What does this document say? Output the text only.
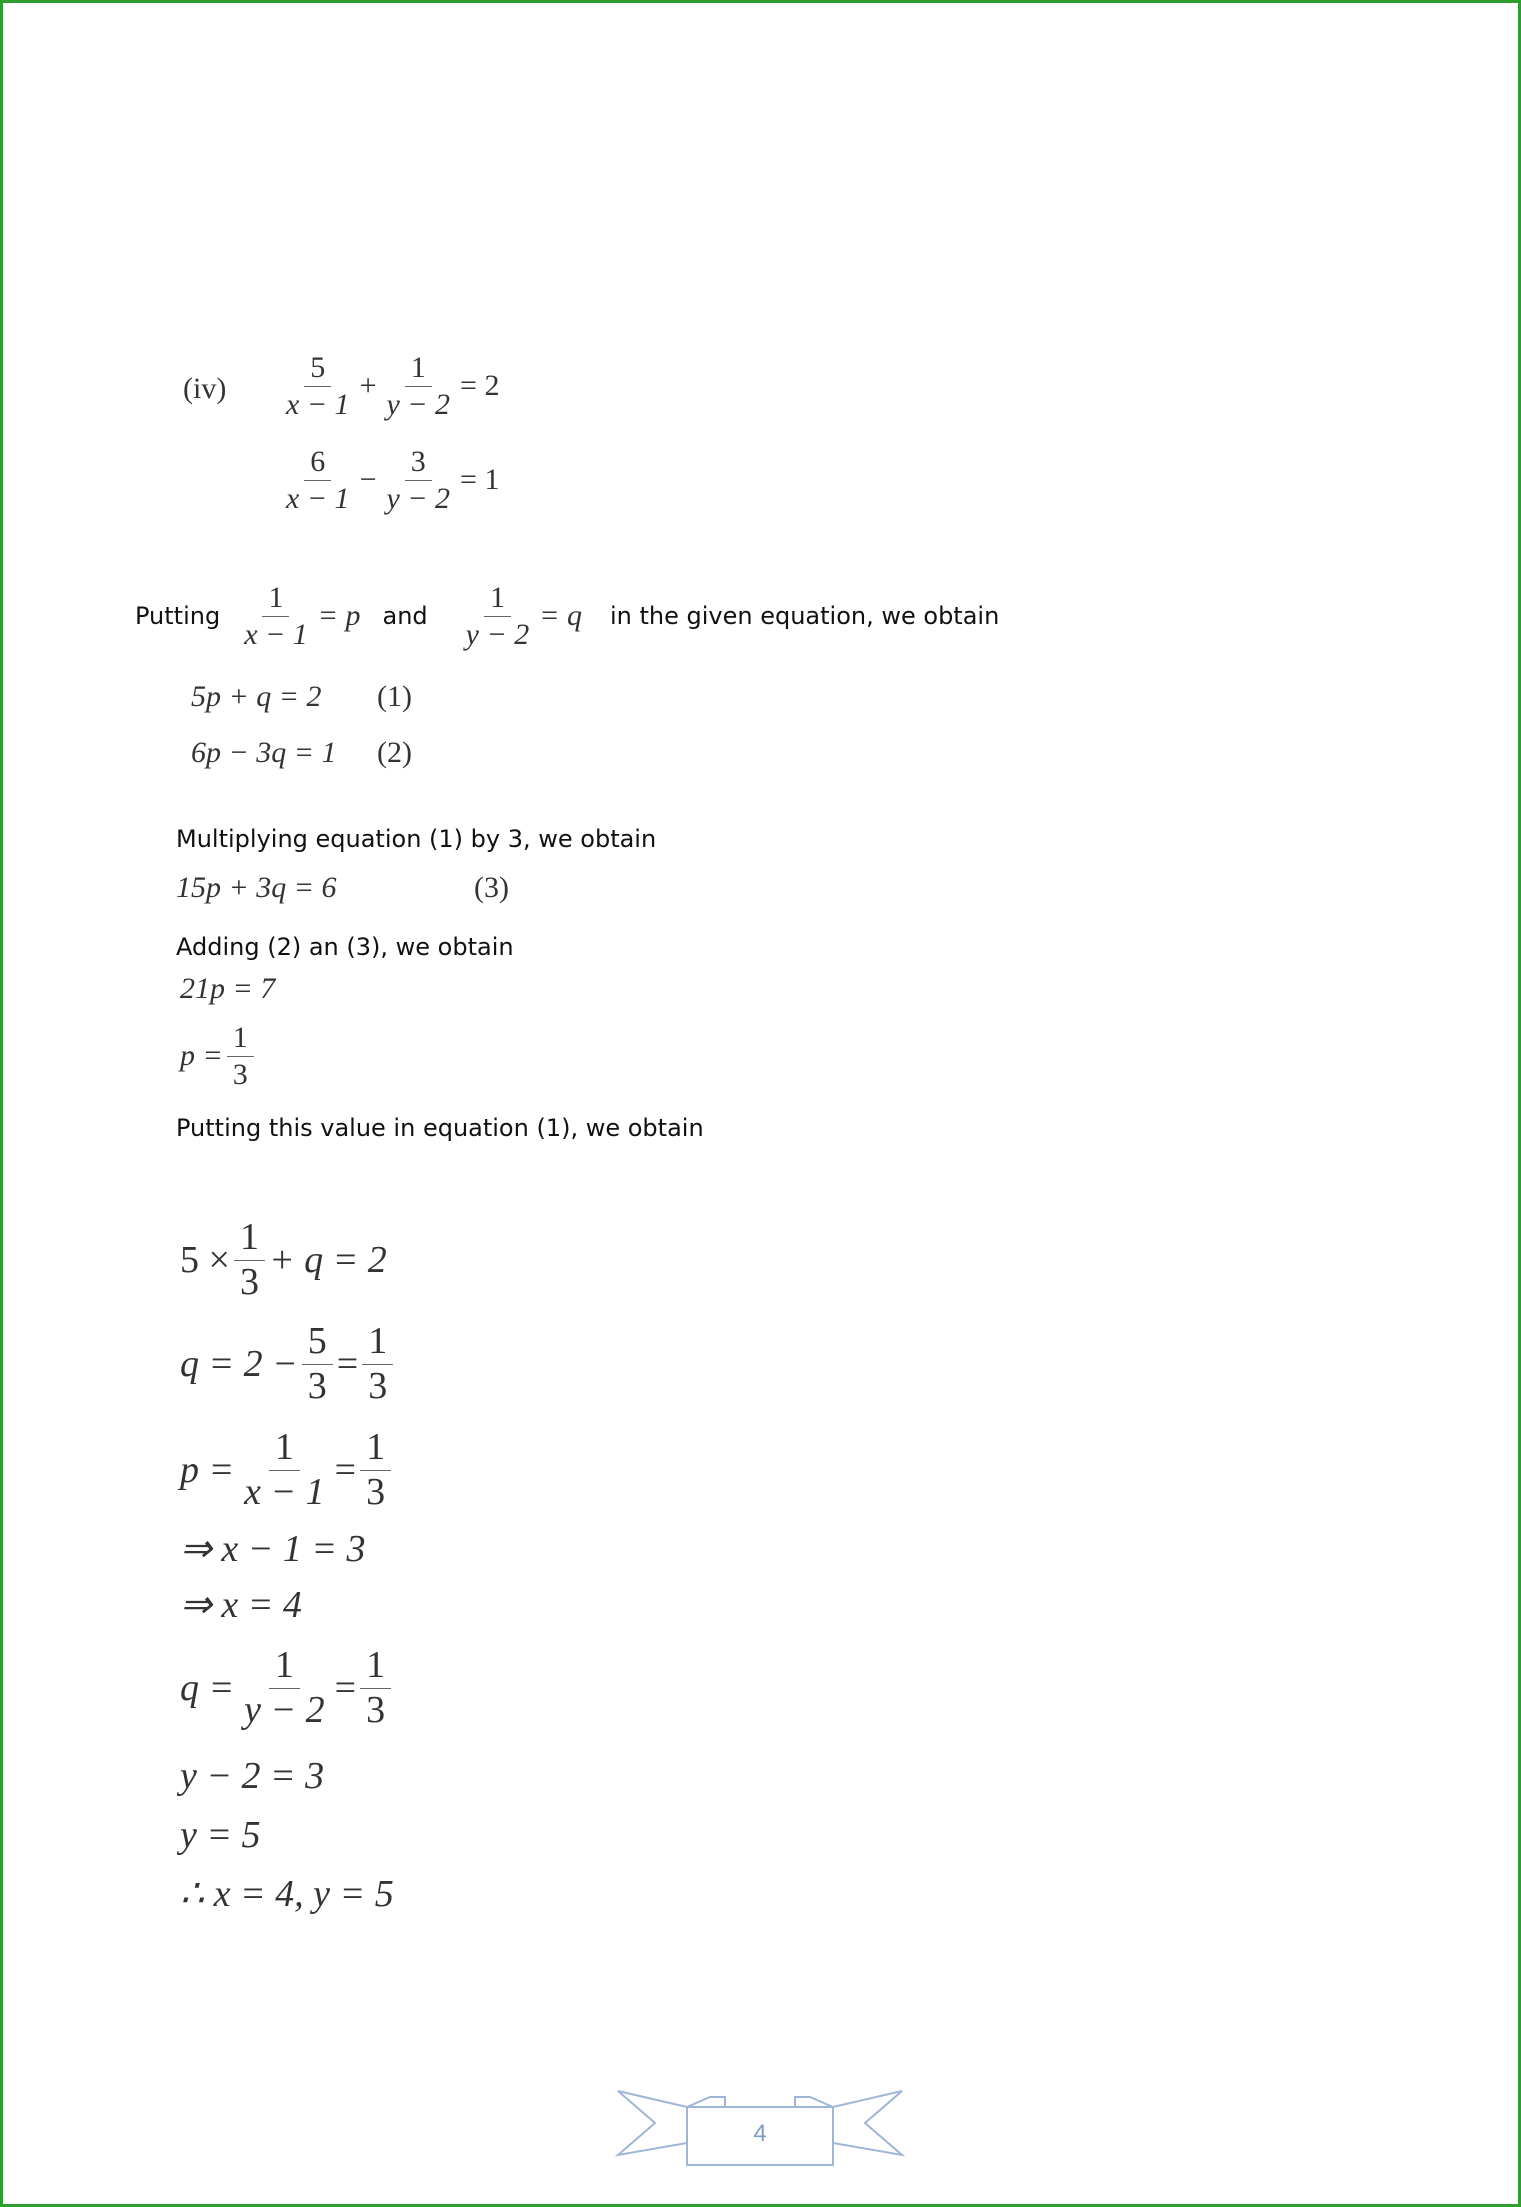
$(iv) \frac{5}{x - 1} + \frac{1}{y - 2} = 2$
$\frac{6}{x - 1} - \frac{3}{y - 2} = 1$
Putting $\frac{1}{x - 1} = p$ and $\frac{1}{y - 2} = q$ in the given equation, we obtain
5p + q = 2 (1)
6p − 3q = 1 (2)
Multiplying equation (1) by 3, we obtain
15p + 3q = 6	(3)
Adding (2) an (3), we obtain
21p = 7
$p = \frac{1}{3}$
Putting this value in equation (1), we obtain
$5 \times \frac{1}{3} + q = 2$
$q = 2 - \frac{5}{3} = \frac{1}{3}$
$p = \frac{1}{x - 1} = \frac{1}{3}$
⇒ x − 1 = 3
⇒ x = 4
$q = \frac{1}{y - 2} = \frac{1}{3}$
y − 2 = 3
y = 5
∴ x = 4, y = 5
4
